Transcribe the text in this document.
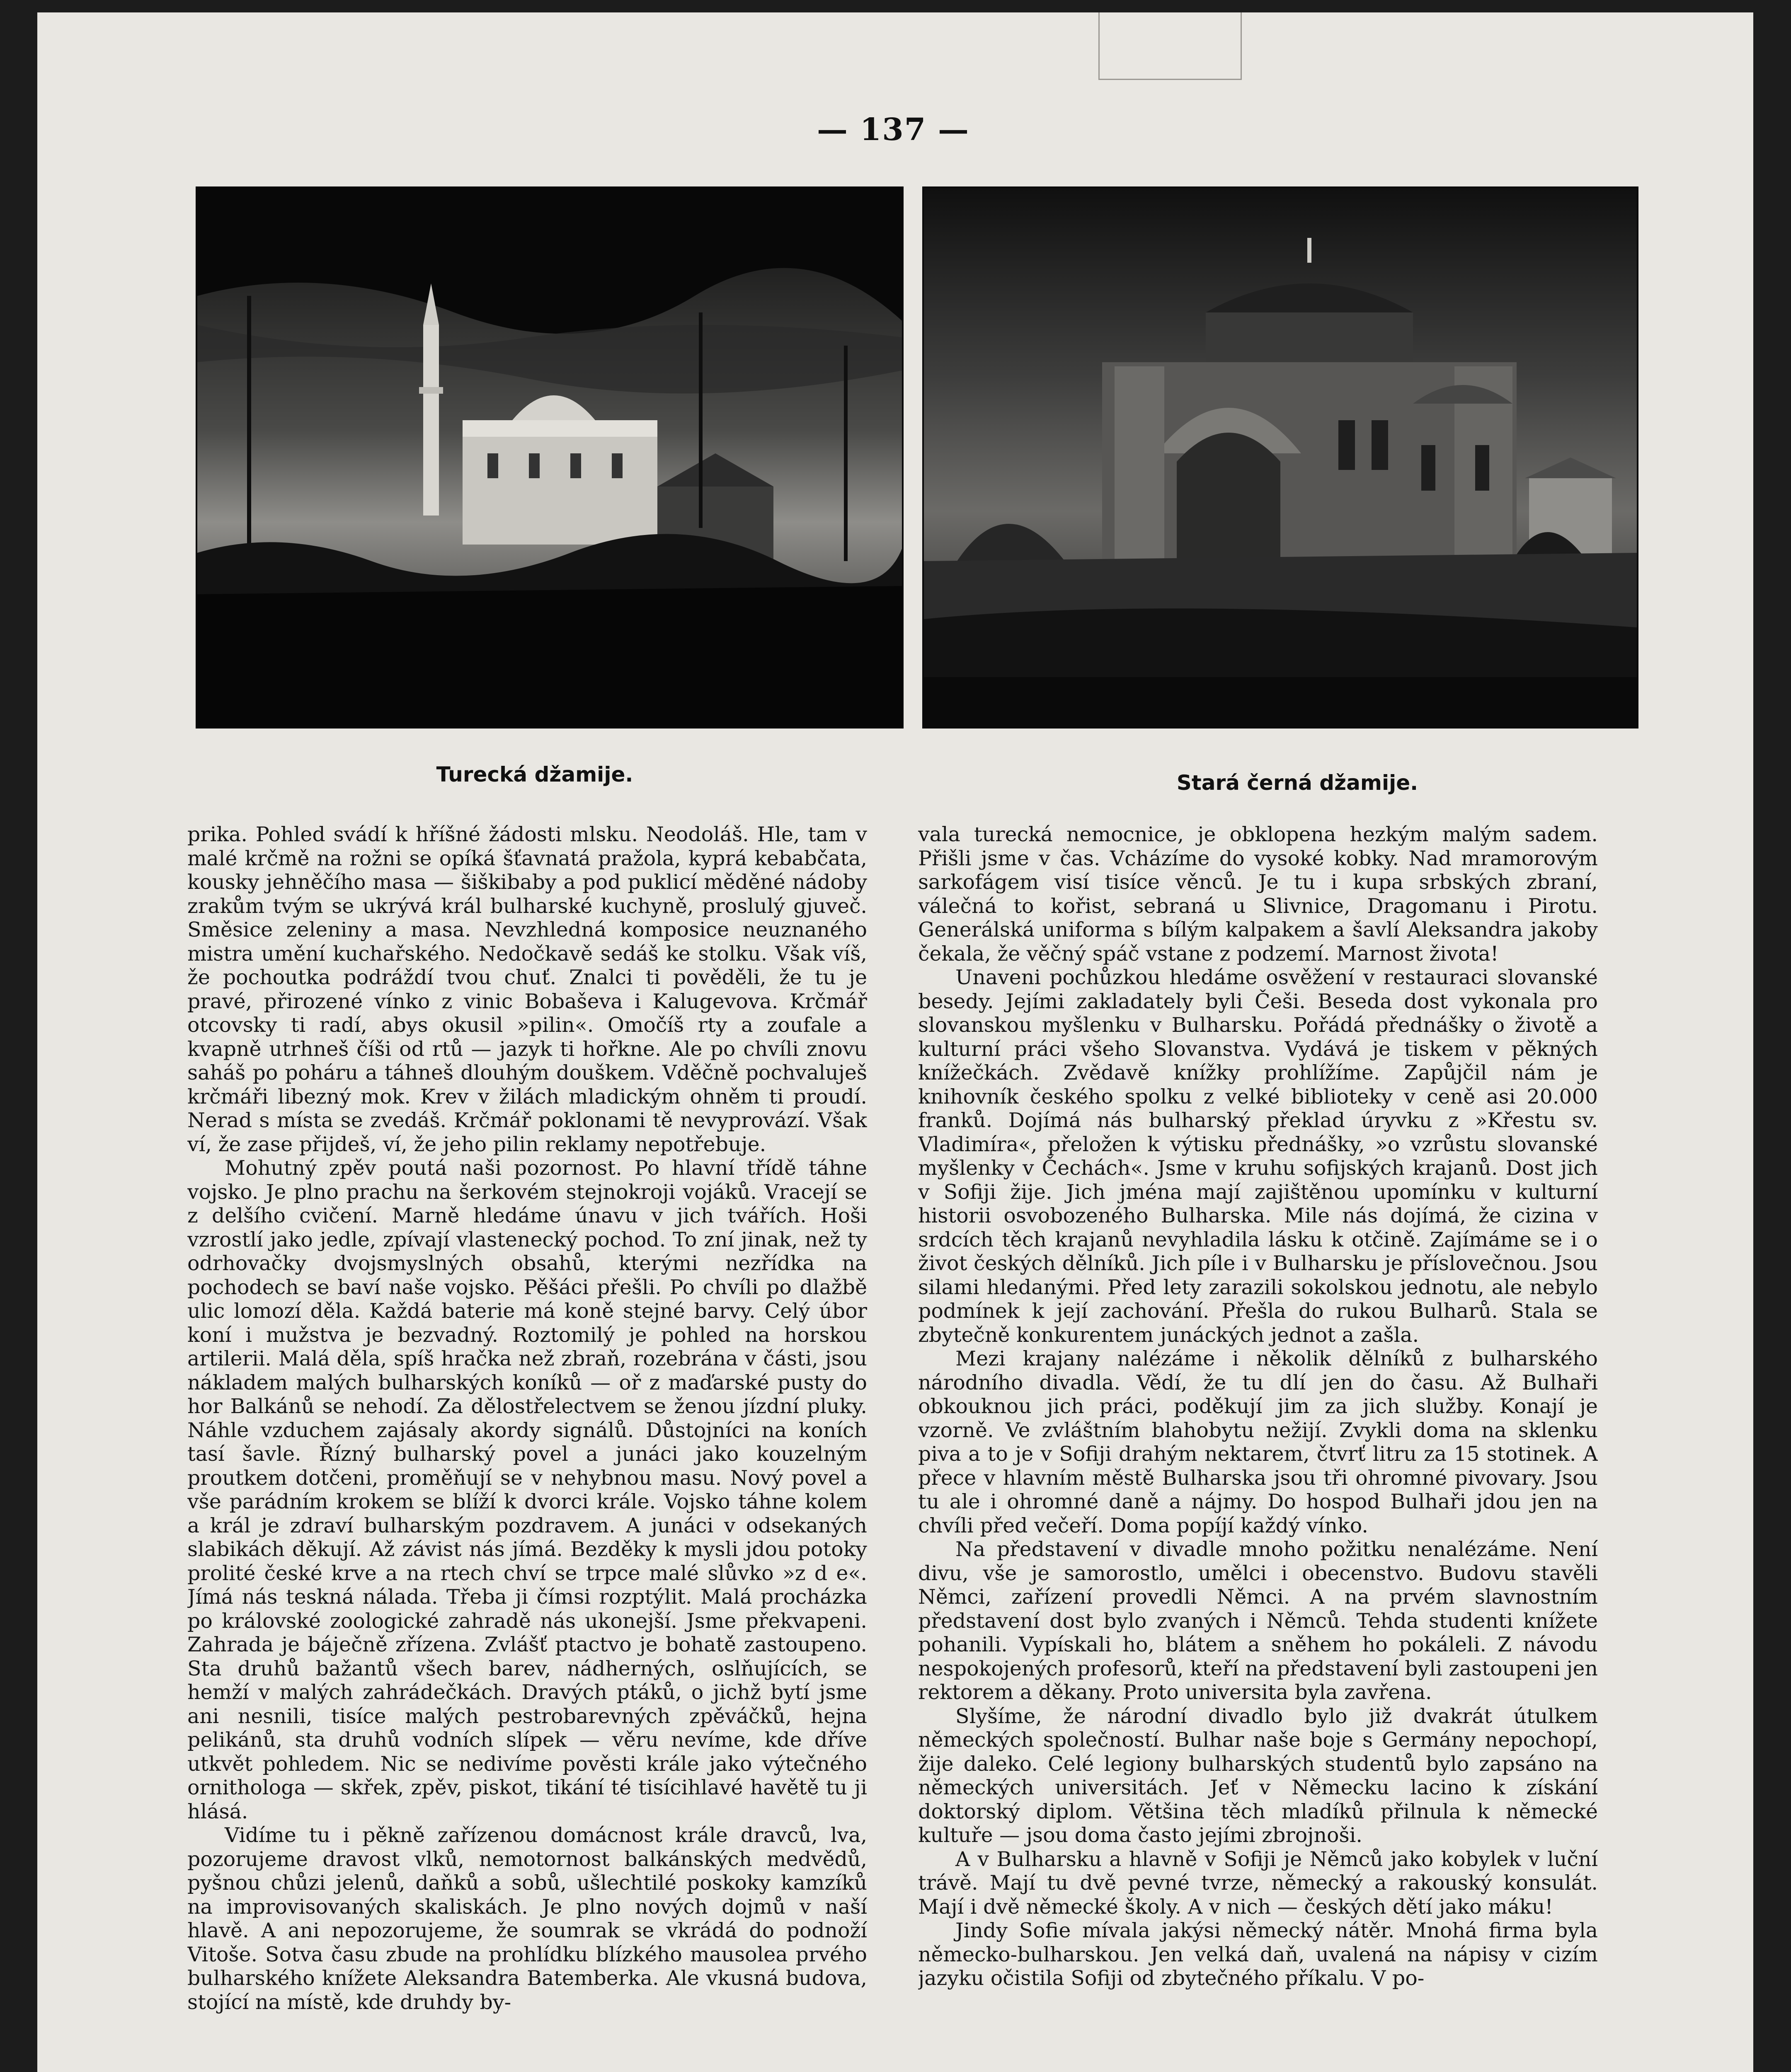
— 137 —
Turecká džamije.	Stará černá džamije.

prika. Pohled svádí k hříšné žádosti mlsku. Neodoláš. Hle, tam v malé krčmě na rožni se opíká šťavnatá pražola, kyprá kebabčata, kousky jehněčího masa — šiškibaby a pod puklicí měděné nádoby zrakům tvým se ukrývá král bulharské kuchyně, proslulý gjuveč. Směsice zeleniny a masa. Nevzhledná komposice neuznaného mistra umění kuchařského. Nedočkavě sedáš ke stolku. Však víš, že pochoutka podráždí tvou chuť. Znalci ti pověděli, že tu je pravé, přirozené vínko z vinic Bobaševa i Kalugevova. Krčmář otcovsky ti radí, abys okusil »pilin«. Omočíš rty a zoufale a kvapně utrhneš číši od rtů — jazyk ti hořkne. Ale po chvíli znovu saháš po poháru a táhneš dlouhým douškem. Vděčně pochvaluješ krčmáři libezný mok. Krev v žilách mladickým ohněm ti proudí. Nerad s místa se zvedáš. Krčmář poklonami tě nevyprovází. Však ví, že zase přijdeš, ví, že jeho pilin reklamy nepotřebuje.

Mohutný zpěv poutá naši pozornost. Po hlavní třídě táhne vojsko. Je plno prachu na šerkovém stejnokroji vojáků. Vracejí se z delšího cvičení. Marně hledáme únavu v jich tvářích. Hoši vzrostlí jako jedle, zpívají vlastenecký pochod. To zní jinak, než ty odrhovačky dvojsmyslných obsahů, kterými nezřídka na pochodech se baví naše vojsko. Pěšáci přešli. Po chvíli po dlažbě ulic lomozí děla. Každá baterie má koně stejné barvy. Celý úbor koní i mužstva je bezvadný. Roztomilý je pohled na horskou artilerii. Malá děla, spíš hračka než zbraň, rozebrána v části, jsou nákladem malých bulharských koníků — oř z maďarské pusty do hor Balkánů se nehodí. Za dělostřelectvem se ženou jízdní pluky. Náhle vzduchem zajásaly akordy signálů. Důstojníci na koních tasí šavle. Řízný bulharský povel a junáci jako kouzelným proutkem dotčeni, proměňují se v nehybnou masu. Nový povel a vše parádním krokem se blíží k dvorci krále. Vojsko táhne kolem a král je zdraví bulharským pozdravem. A junáci v odsekaných slabikách děkují. Až závist nás jímá. Bezděky k mysli jdou potoky prolité české krve a na rtech chví se trpce malé slůvko »z d e«. Jímá nás teskná nálada. Třeba ji čímsi rozptýlit. Malá procházka po královské zoologické zahradě nás ukonejší. Jsme překvapeni. Zahrada je báječně zřízena. Zvlášť ptactvo je bohatě zastoupeno. Sta druhů bažantů všech barev, nádherných, oslňujících, se hemží v malých zahrádečkách. Dravých ptáků, o jichž bytí jsme ani nesnili, tisíce malých pestrobarevných zpěváčků, hejna pelikánů, sta druhů vodních slípek — věru nevíme, kde dříve utkvět pohledem. Nic se nedivíme pověsti krále jako výtečného ornithologa — skřek, zpěv, piskot, tikání té tisícihlavé havětě tu ji hlásá.

Vidíme tu i pěkně zařízenou domácnost krále dravců, lva, pozorujeme dravost vlků, nemotornost balkánských medvědů, pyšnou chůzi jelenů, daňků a sobů, ušlechtilé poskoky kamzíků na improvisovaných skaliskách. Je plno nových dojmů v naší hlavě. A ani nepozorujeme, že soumrak se vkrádá do podnoží Vitoše. Sotva času zbude na prohlídku blízkého mausolea prvého bulharského knížete Aleksandra Batemberka. Ale vkusná budova, stojící na místě, kde druhdy by-

vala turecká nemocnice, je obklopena hezkým malým sadem. Přišli jsme v čas. Vcházíme do vysoké kobky. Nad mramorovým sarkofágem visí tisíce věnců. Je tu i kupa srbských zbraní, válečná to kořist, sebraná u Slivnice, Dragomanu i Pirotu. Generálská uniforma s bílým kalpakem a šavlí Aleksandra jakoby čekala, že věčný spáč vstane z podzemí. Marnost života!

Unaveni pochůzkou hledáme osvěžení v restauraci slovanské besedy. Jejími zakladately byli Češi. Beseda dost vykonala pro slovanskou myšlenku v Bulharsku. Pořádá přednášky o životě a kulturní práci všeho Slovanstva. Vydává je tiskem v pěkných knížečkách. Zvědavě knížky prohlížíme. Zapůjčil nám je knihovník českého spolku z velké biblioteky v ceně asi 20.000 franků. Dojímá nás bulharský překlad úryvku z »Křestu sv. Vladimíra«, přeložen k výtisku přednášky, »o vzrůstu slovanské myšlenky v Čechách«. Jsme v kruhu sofijských krajanů. Dost jich v Sofiji žije. Jich jména mají zajištěnou upomínku v kulturní historii osvobozeného Bulharska. Mile nás dojímá, že cizina v srdcích těch krajanů nevyhladila lásku k otčině. Zajímáme se i o život českých dělníků. Jich píle i v Bulharsku je příslovečnou. Jsou silami hledanými. Před lety zarazili sokolskou jednotu, ale nebylo podmínek k její zachování. Přešla do rukou Bulharů. Stala se zbytečně konkurentem junáckých jednot a zašla.

Mezi krajany nalézáme i několik dělníků z bulharského národního divadla. Vědí, že tu dlí jen do času. Až Bulhaři obkouknou jich práci, poděkují jim za jich služby. Konají je vzorně. Ve zvláštním blahobytu nežijí. Zvykli doma na sklenku piva a to je v Sofiji drahým nektarem, čtvrť litru za 15 stotinek. A přece v hlavním městě Bulharska jsou tři ohromné pivovary. Jsou tu ale i ohromné daně a nájmy. Do hospod Bulhaři jdou jen na chvíli před večeří. Doma popíjí každý vínko.

Na představení v divadle mnoho požitku nenalézáme. Není divu, vše je samorostlo, umělci i obecenstvo. Budovu stavěli Němci, zařízení provedli Němci. A na prvém slavnostním představení dost bylo zvaných i Němců. Tehda studenti knížete pohanili. Vypískali ho, blátem a sněhem ho pokáleli. Z návodu nespokojených profesorů, kteří na představení byli zastoupeni jen rektorem a děkany. Proto universita byla zavřena.

Slyšíme, že národní divadlo bylo již dvakrát útulkem německých společností. Bulhar naše boje s Germány nepochopí, žije daleko. Celé legiony bulharských studentů bylo zapsáno na německých universitách. Jeť v Německu lacino k získání doktorský diplom. Většina těch mladíků přilnula k německé kultuře — jsou doma často jejími zbrojnoši.

A v Bulharsku a hlavně v Sofiji je Němců jako kobylek v luční trávě. Mají tu dvě pevné tvrze, německý a rakouský konsulát. Mají i dvě německé školy. A v nich — českých dětí jako máku!

Jindy Sofie mívala jakýsi německý nátěr. Mnohá firma byla německo-bulharskou. Jen velká daň, uvalená na nápisy v cizím jazyku očistila Sofiji od zbytečného příkalu. V po-
